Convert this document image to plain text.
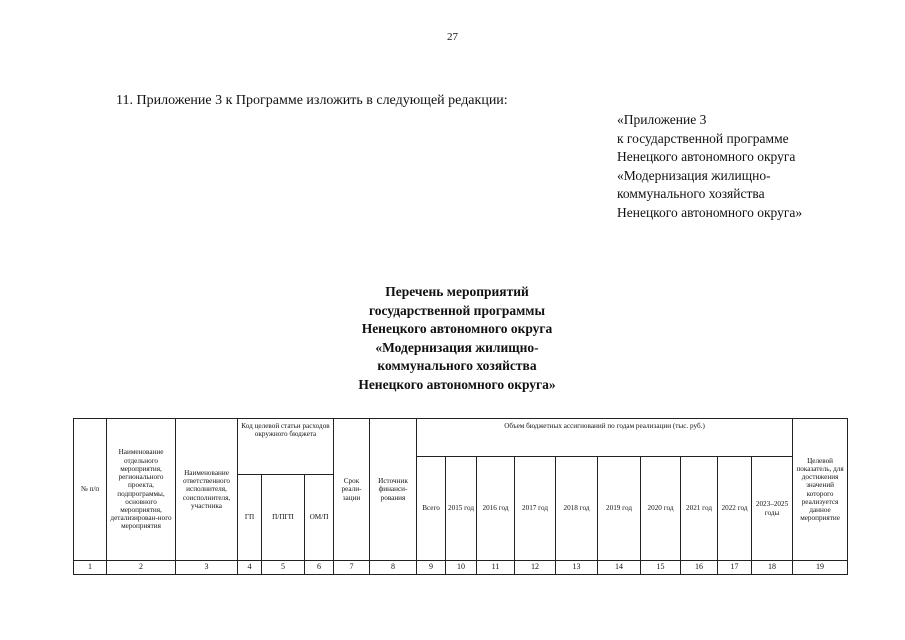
27
11. Приложение 3 к Программе изложить в следующей редакции:
«Приложение 3
к государственной программе
Ненецкого автономного округа
«Модернизация жилищно-
коммунального хозяйства
Ненецкого автономного округа»
Перечень мероприятий
государственной программы
Ненецкого автономного округа
«Модернизация жилищно-
коммунального хозяйства
Ненецкого автономного округа»
№ п/п	Наименование отдельного мероприятия, регионального проекта, подпрограммы, основного мероприятия, детализирован-ного мероприятия	Наименование ответственного исполнителя, соисполнителя, участника	Код целевой статьи расходов окружного бюджета			Срок реали-зации	Источник финанси-рования	Объем бюджетных ассигнований по годам реализации (тыс. руб.)										Целевой показатель, для достижения значений которого реализуется данное мероприятие
								Всего	2015 год	2016 год	2017 год	2018 год	2019 год	2020 год	2021 год	2022 год	2023–2025 годы	
			ГП	П/ПГП	ОМ/П													
1	2	3	4	5	6	7	8	9	10	11	12	13	14	15	16	17	18	19
